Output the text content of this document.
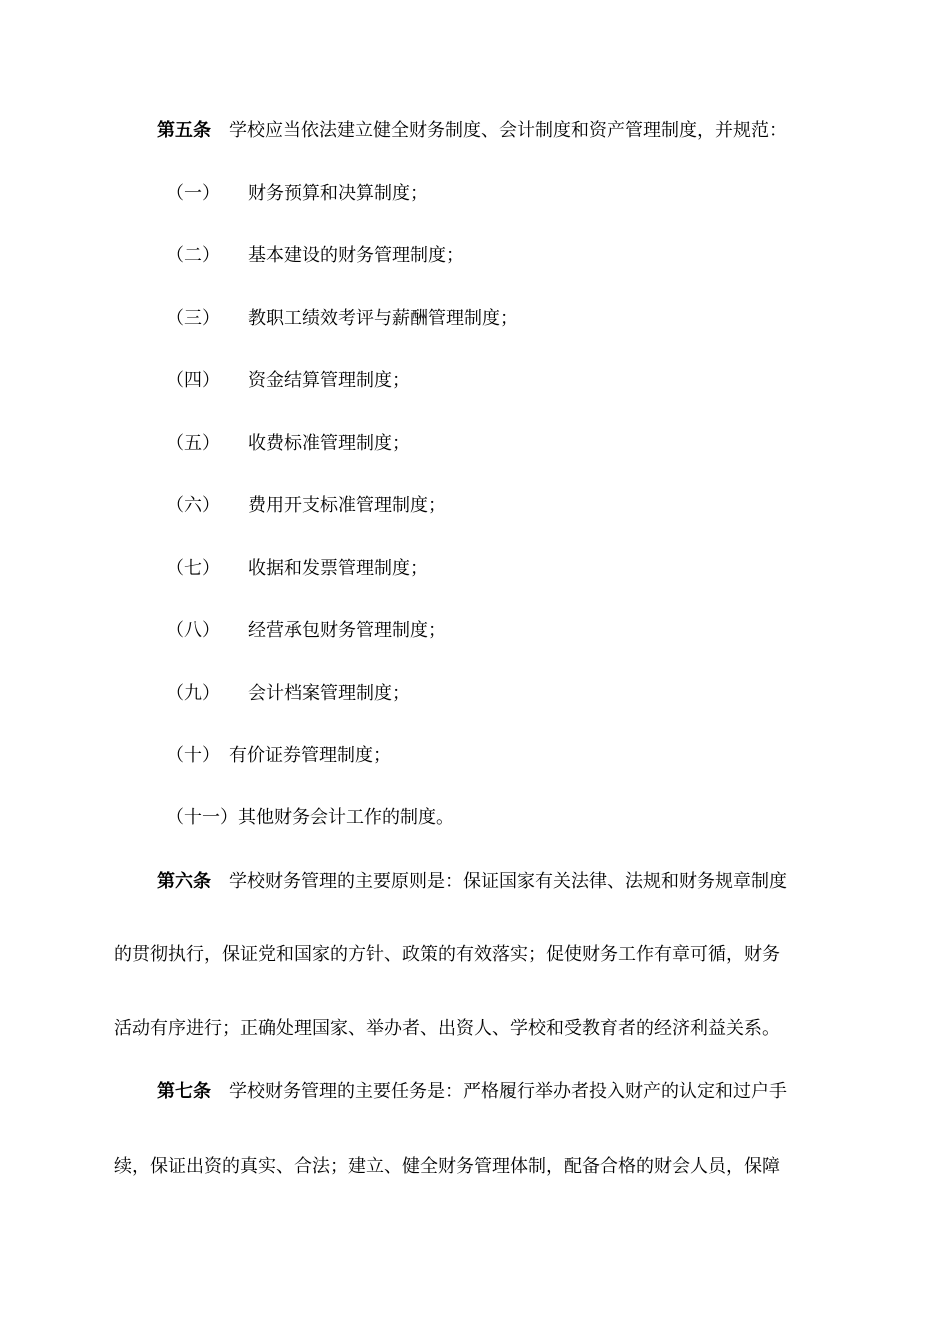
第五条 学校应当依法建立健全财务制度、会计制度和资产管理制度，并规范：
（一） 财务预算和决算制度；
（二） 基本建设的财务管理制度；
（三） 教职工绩效考评与薪酬管理制度；
（四） 资金结算管理制度；
（五） 收费标准管理制度；
（六） 费用开支标准管理制度；
（七） 收据和发票管理制度；
（八） 经营承包财务管理制度；
（九） 会计档案管理制度；
（十） 有价证券管理制度；
（十一） 其他财务会计工作的制度。
第六条 学校财务管理的主要原则是：保证国家有关法律、法规和财务规章制度
的贯彻执行，保证党和国家的方针、政策的有效落实；促使财务工作有章可循，财务
活动有序进行；正确处理国家、举办者、出资人、学校和受教育者的经济利益关系。
第七条 学校财务管理的主要任务是：严格履行举办者投入财产的认定和过户手
续，保证出资的真实、合法；建立、健全财务管理体制，配备合格的财会人员，保障
